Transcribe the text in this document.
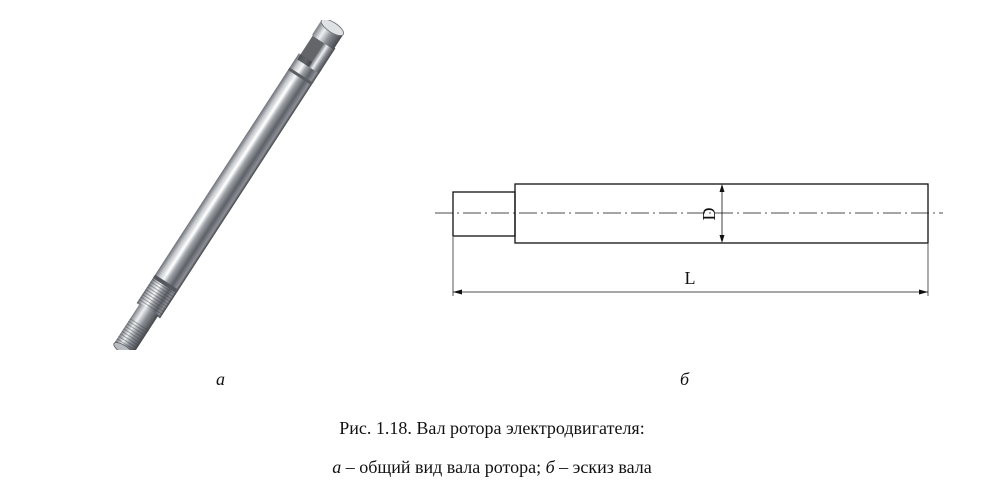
D
L
а	б
Рис. 1.18. Вал ротора электродвигателя:
а – общий вид вала ротора; б – эскиз вала
